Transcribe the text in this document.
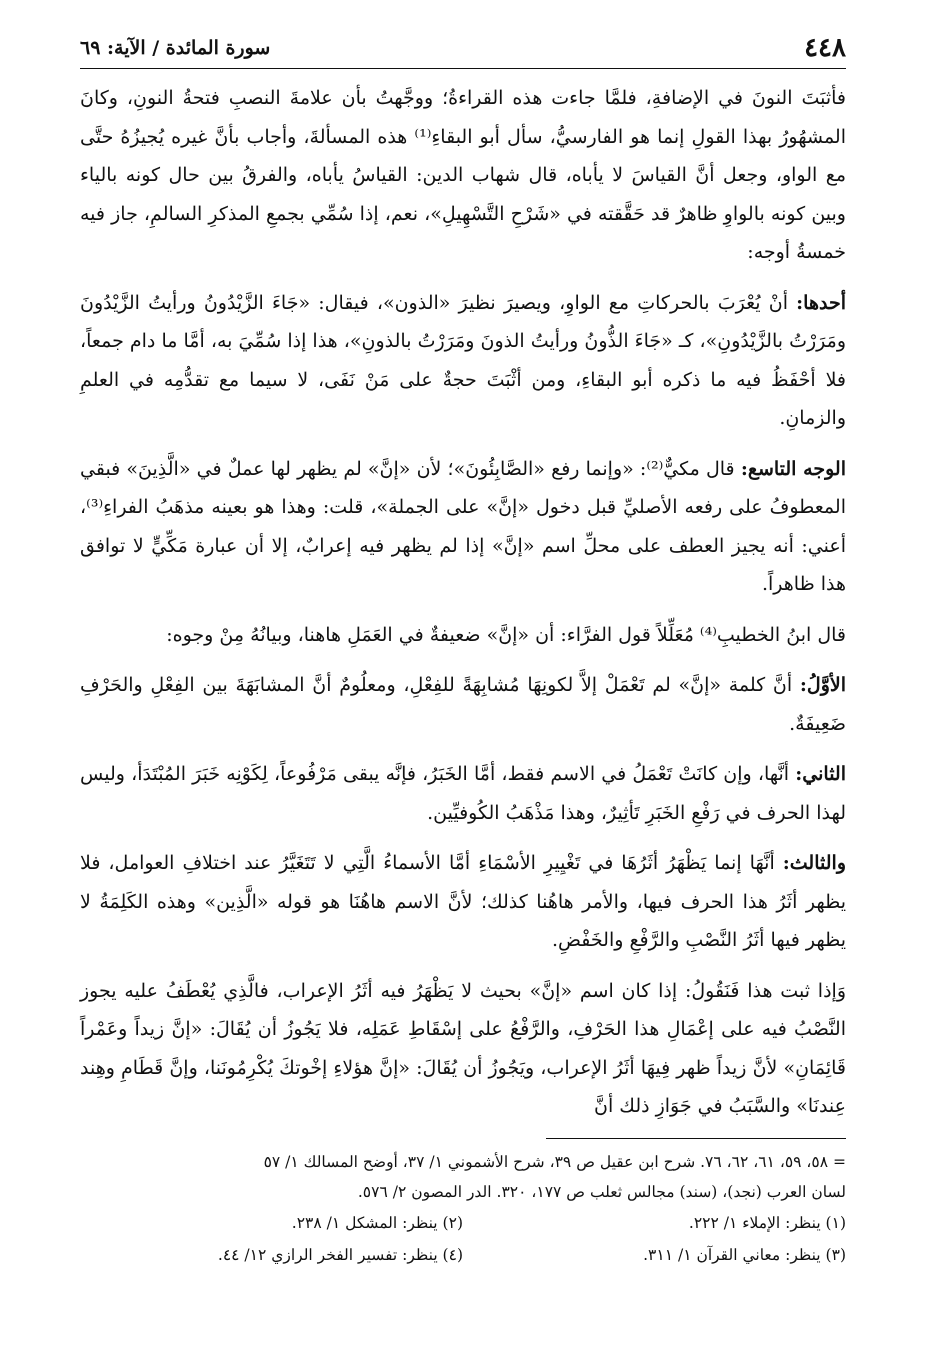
٤٤٨
سورة المائدة / الآية: ٦٩

فأثبَتَ النونَ في الإضافةِ، فلمَّا جاءت هذه القراءةُ؛ ووجَّهتُ بأن علامةَ النصبِ فتحةُ النونِ، وكانَ المشهُورُ بهذا القولِ إنما هو الفارسيُّ، سأل أبو البقاءِ⁽¹⁾ هذه المسألةَ، وأجاب بأنَّ غيره يُجيزُهُ حتَّى مع الواو، وجعل أنَّ القياسَ لا يأباه، قال شهاب الدين: القياسُ يأباه، والفرقُ بين حال كونه بالياء وبين كونه بالواوِ ظاهرٌ قد حَقَّقته في «شَرْحِ التَّسْهِيلِ»، نعم، إذا سُمِّي بجمعِ المذكرِ السالمِ، جاز فيه خمسةُ أوجه:

أحدها: أنْ يُعْرَبَ بالحركاتِ مع الواوِ، ويصيرَ نظيرَ «الذون»، فيقال: «جَاءَ الزَّيْدُونُ ورأيتُ الزَّيْدُونَ ومَرَرْتُ بالزَّيْدُونِ»، كـ «جَاءَ الذُّونُ ورأيتُ الذونَ ومَرَرْتُ بالذونِ»، هذا إذا سُمِّيَ به، أمَّا ما دام جمعاً، فلا أحْفَظُ فيه ما ذكره أبو البقاءِ، ومن أثْبَتَ حجةٌ على مَنْ نَفَى، لا سيما مع تقدُّمِه في العلمِ والزمانِ.

الوجه التاسع: قال مكيٌّ⁽²⁾: «وإنما رفع «الصَّابِئُونَ»؛ لأن «إنَّ» لم يظهر لها عملٌ في «الَّذِينَ» فبقي المعطوفُ على رفعه الأصليِّ قبل دخول «إنَّ» على الجملة»، قلت: وهذا هو بعينه مذهَبُ الفراءِ⁽³⁾، أعني: أنه يجيز العطف على محلِّ اسم «إنَّ» إذا لم يظهر فيه إعرابٌ، إلا أن عبارة مَكِّيٍّ لا توافق هذا ظاهراً.

قال ابنُ الخطيبِ⁽⁴⁾ مُعَلِّلاً قول الفرَّاء: أن «إنَّ» ضعيفةٌ في العَمَلِ هاهنا، وبيانُهُ مِنْ وجوه:

الأوَّلُ: أنَّ كلمة «إنَّ» لم تَعْمَلْ إلاَّ لكونِهَا مُشابِهَةً للفِعْلِ، ومعلُومٌ أنَّ المشابَهَةَ بين الفِعْلِ والحَرْفِ ضَعِيفَةٌ.

الثاني: أنَّها، وإن كانَتْ تَعْمَلُ في الاسم فقط، أمَّا الخَبَرُ، فإنَّه يبقى مَرْفُوعاً، لِكَوْنِه خَبَرَ المُبْتَدَأ، وليس لهذا الحرف في رَفْعِ الخَبَرِ تَأثِيرٌ، وهذا مَذْهَبُ الكُوفيِّين.

والثالث: أنَّهَا إنما يَظْهَرُ أثَرُهَا في تَغْيِيرِ الأسْمَاءِ أمَّا الأسماءُ الَّتِي لا تَتَغَيَّرُ عند اختلافِ العوامل، فلا يظهر أثَرُ هذا الحرف فيها، والأمر هاهُنا كذلك؛ لأنَّ الاسم هاهُنَا هو قوله «الَّذِين» وهذه الكَلِمَةُ لا يظهر فيها أثَرُ النَّصْبِ والرَّفْعِ والخَفْضِ.

وَإذا ثبت هذا فَنَقُولُ: إذا كان اسم «إنَّ» بحيث لا يَظْهَرُ فيه أثَرُ الإعراب، فالَّذِي يُعْطَفُ عليه يجوز النَّصْبُ فيه على إعْمَالِ هذا الحَرْفِ، والرَّفْعُ على إسْقَاطِ عَمَلِه، فلا يَجُوزُ أن يُقَالَ: «إنَّ زيداً وعَمْراً قَائِمَانِ» لأنَّ زيداً ظهر فِيهَا أثَرُ الإعراب، ويَجُوزُ أن يُقَالَ: «إنَّ هؤلاءِ إخْوتكَ يُكْرِمُونَنا، وإنَّ قَطَامِ وهِند عِندنَا» والسَّبَبُ في جَوَازِ ذلك أنَّ

= ٥٨، ٥٩، ٦١، ٦٢، ٧٦. شرح ابن عقيل ص ٣٩، شرح الأشموني ١/ ٣٧، أوضح المسالك ١/ ٥٧

لسان العرب (نجد)، (سند) مجالس ثعلب ص ١٧٧، ٣٢٠. الدر المصون ٢/ ٥٧٦.

(١) ينظر: الإملاء ١/ ٢٢٢.
(٢) ينظر: المشكل ١/ ٢٣٨.
(٣) ينظر: معاني القرآن ١/ ٣١١.
(٤) ينظر: تفسير الفخر الرازي ١٢/ ٤٤.
